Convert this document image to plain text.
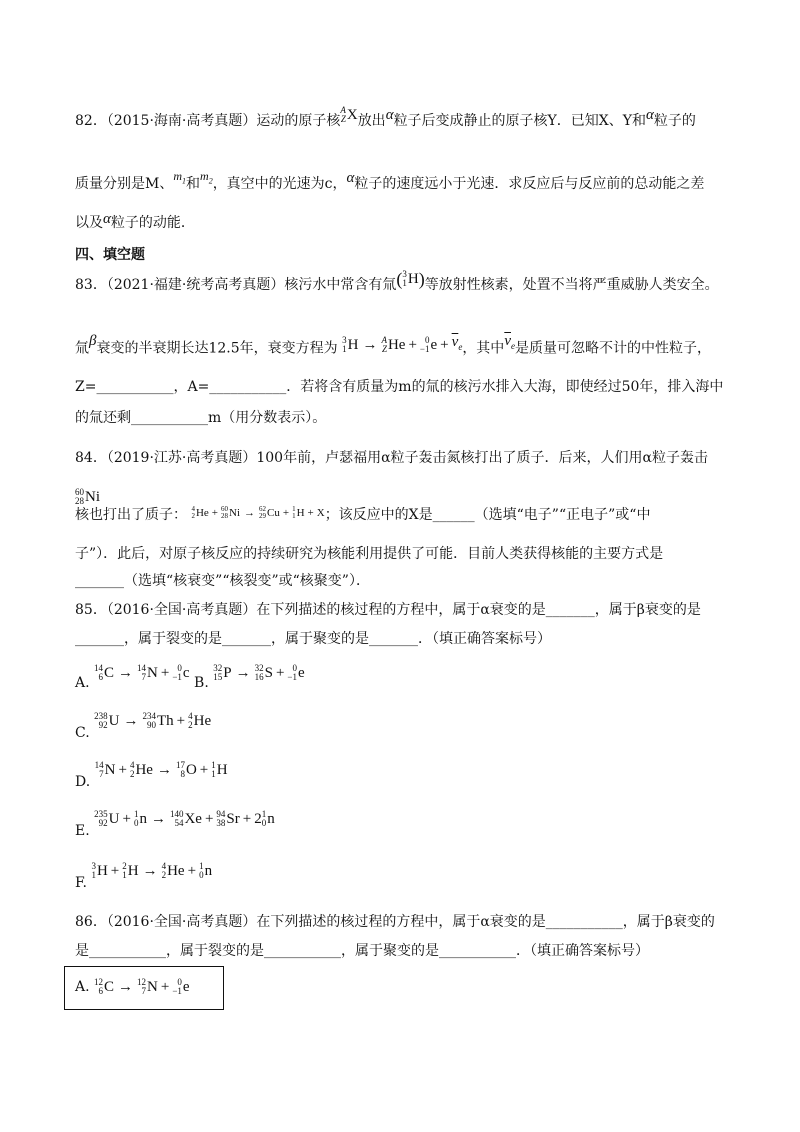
82．（2015·海南·高考真题）运动的原子核
A
Z X 放出α粒子后变成静止的原子核Y．已知X、Y和α粒子的
质量分别是M、$m_1$和$m_2$，真空中的光速为c，α粒子的速度远小于光速．求反应后与反应前的总动能之差
以及α粒子的动能．
四、填空题
83．（2021·福建·统考高考真题）核污水中常含有氚 ( 3
1 H ) 等放射性核素，处置不当将严重威胁人类安全。
氚β衰变的半衰期长达12.5年，衰变方程为
3
1 H → A
Z He + 0
−1 $e + \overline{\nu}_e$ ，其中$\overline{\nu}_e$是质量可忽略不计的中性粒子，
Z=___________，A=___________．若将含有质量为m的氚的核污水排入大海，即使经过50年，排入海中
的氚还剩___________m（用分数表示）。
84．（2019·江苏·高考真题）100年前，卢瑟福用α粒子轰击氮核打出了质子．后来，人们用α粒子轰击
60
28 Ni
核也打出了质子： 4
2 He + 60
28 Ni → 62
29 Cu + 1
1 H + X ；该反应中的X是______（选填“电子”“正电子”或“中
子”）．此后，对原子核反应的持续研究为核能利用提供了可能．目前人类获得核能的主要方式是
_______（选填“核衰变”“核裂变”或“核聚变”）．
85．（2016·全国·高考真题）在下列描述的核过程的方程中，属于α衰变的是_______，属于β衰变的是
_______，属于裂变的是_______，属于聚变的是_______．（填正确答案标号）
A.
14
6 C → 14
7 N + 0
−1 c
B.
32
15 P → 32
16 S + 0
−1 e
C.
238
92 U → 234
90 Th + 4
2 He
D.
14
7 N + 4
2 He → 17
8 O + 1
1 H
E.
235
92 U + 1
0 n → 140
54 Xe + 94
38 Sr + 2 1
0 n
F.
3
1 H + 2
1 H → 4
2 He + 1
0 n
86．（2016·全国·高考真题）在下列描述的核过程的方程中，属于α衰变的是___________，属于β衰变的
是___________，属于裂变的是___________，属于聚变的是___________．（填正确答案标号）
A. 12
6 C → 12
7 N + 0
−1 e
